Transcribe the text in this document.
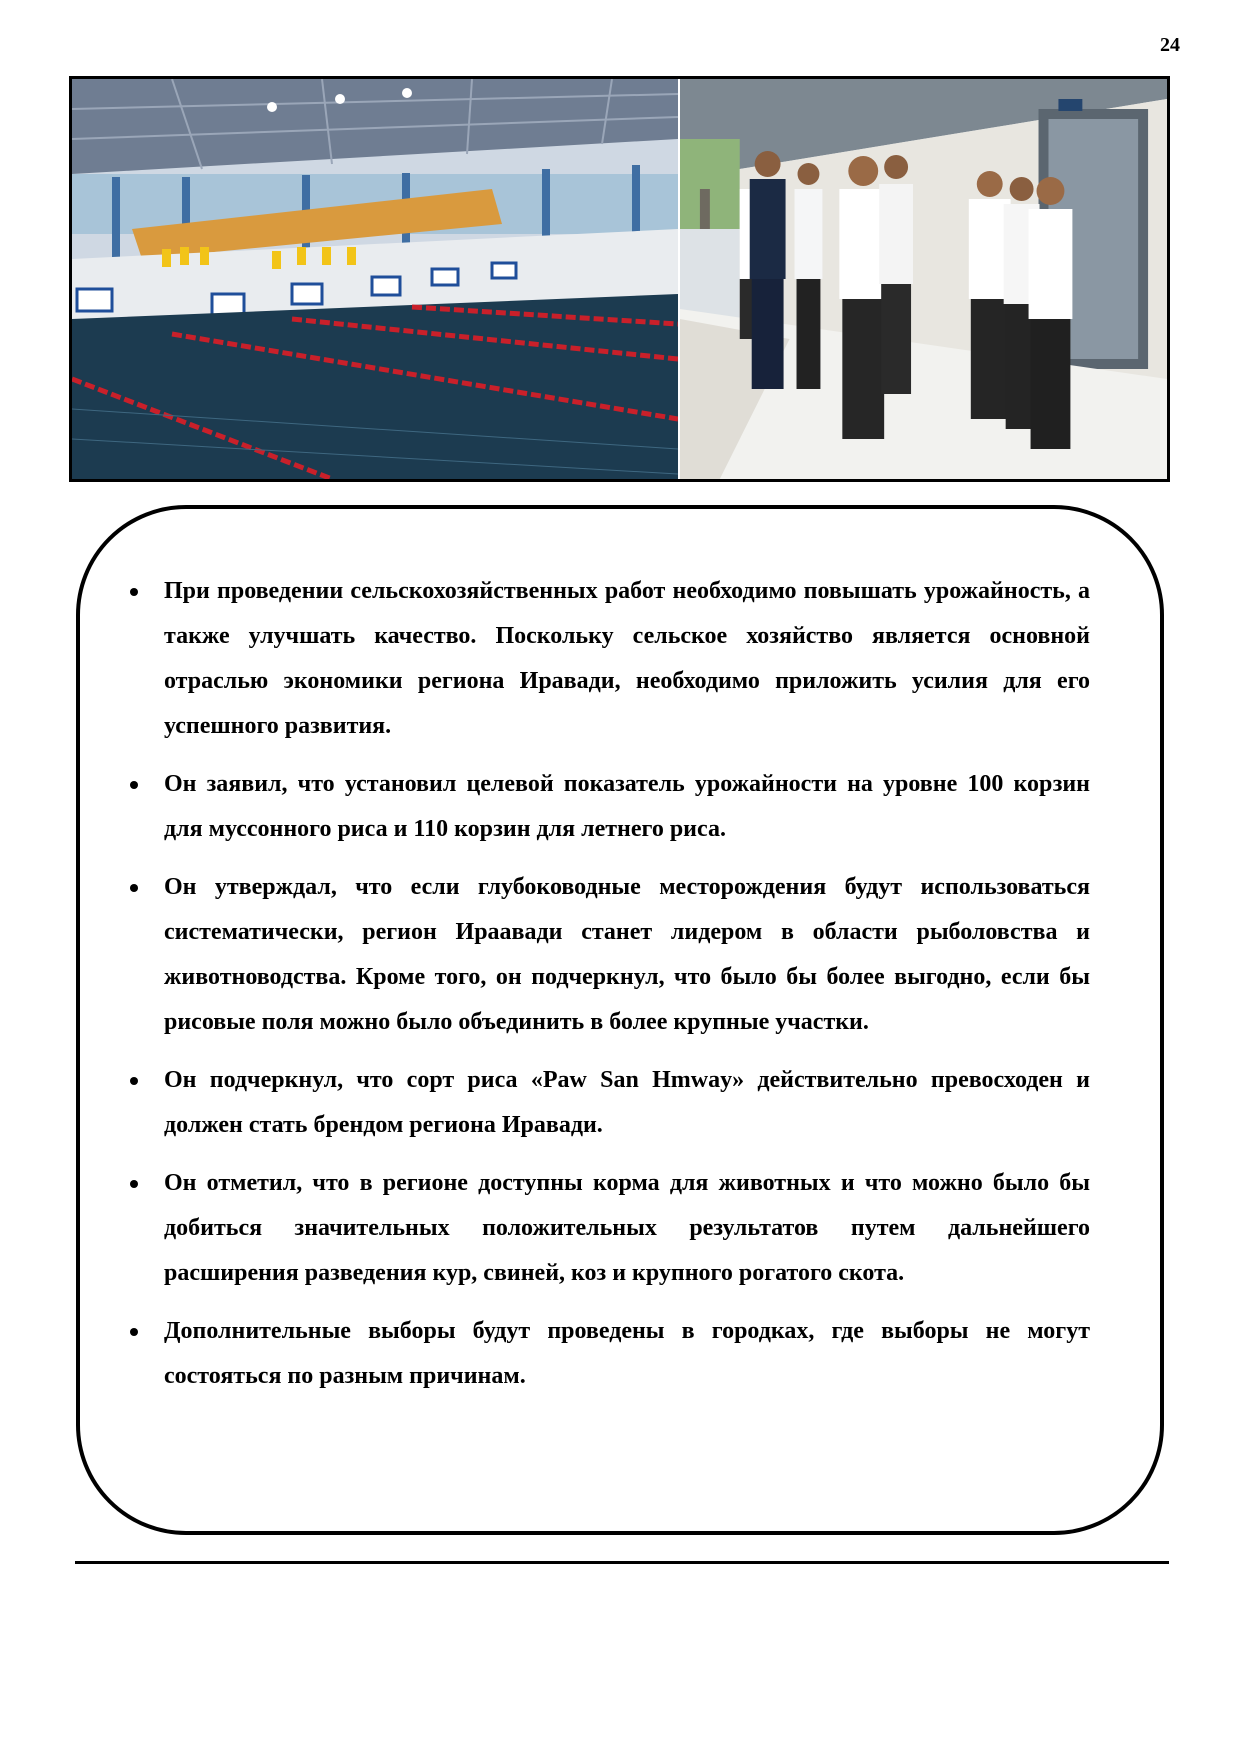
24
При проведении сельскохозяйственных работ необходимо повышать урожайность, а также улучшать качество. Поскольку сельское хозяйство является основной отраслью экономики региона Иравади, необходимо приложить усилия для его успешного развития.
Он заявил, что установил целевой показатель урожайности на уровне 100 корзин для муссонного риса и 110 корзин для летнего риса.
Он утверждал, что если глубоководные месторождения будут использоваться систематически, регион Ираавади станет лидером в области рыболовства и животноводства. Кроме того, он подчеркнул, что было бы более выгодно, если бы рисовые поля можно было объединить в более крупные участки.
Он подчеркнул, что сорт риса «Paw San Hmway» действительно превосходен и должен стать брендом региона Иравади.
Он отметил, что в регионе доступны корма для животных и что можно было бы добиться значительных положительных результатов путем дальнейшего расширения разведения кур, свиней, коз и крупного рогатого скота.
Дополнительные выборы будут проведены в городках, где выборы не могут состояться по разным причинам.
